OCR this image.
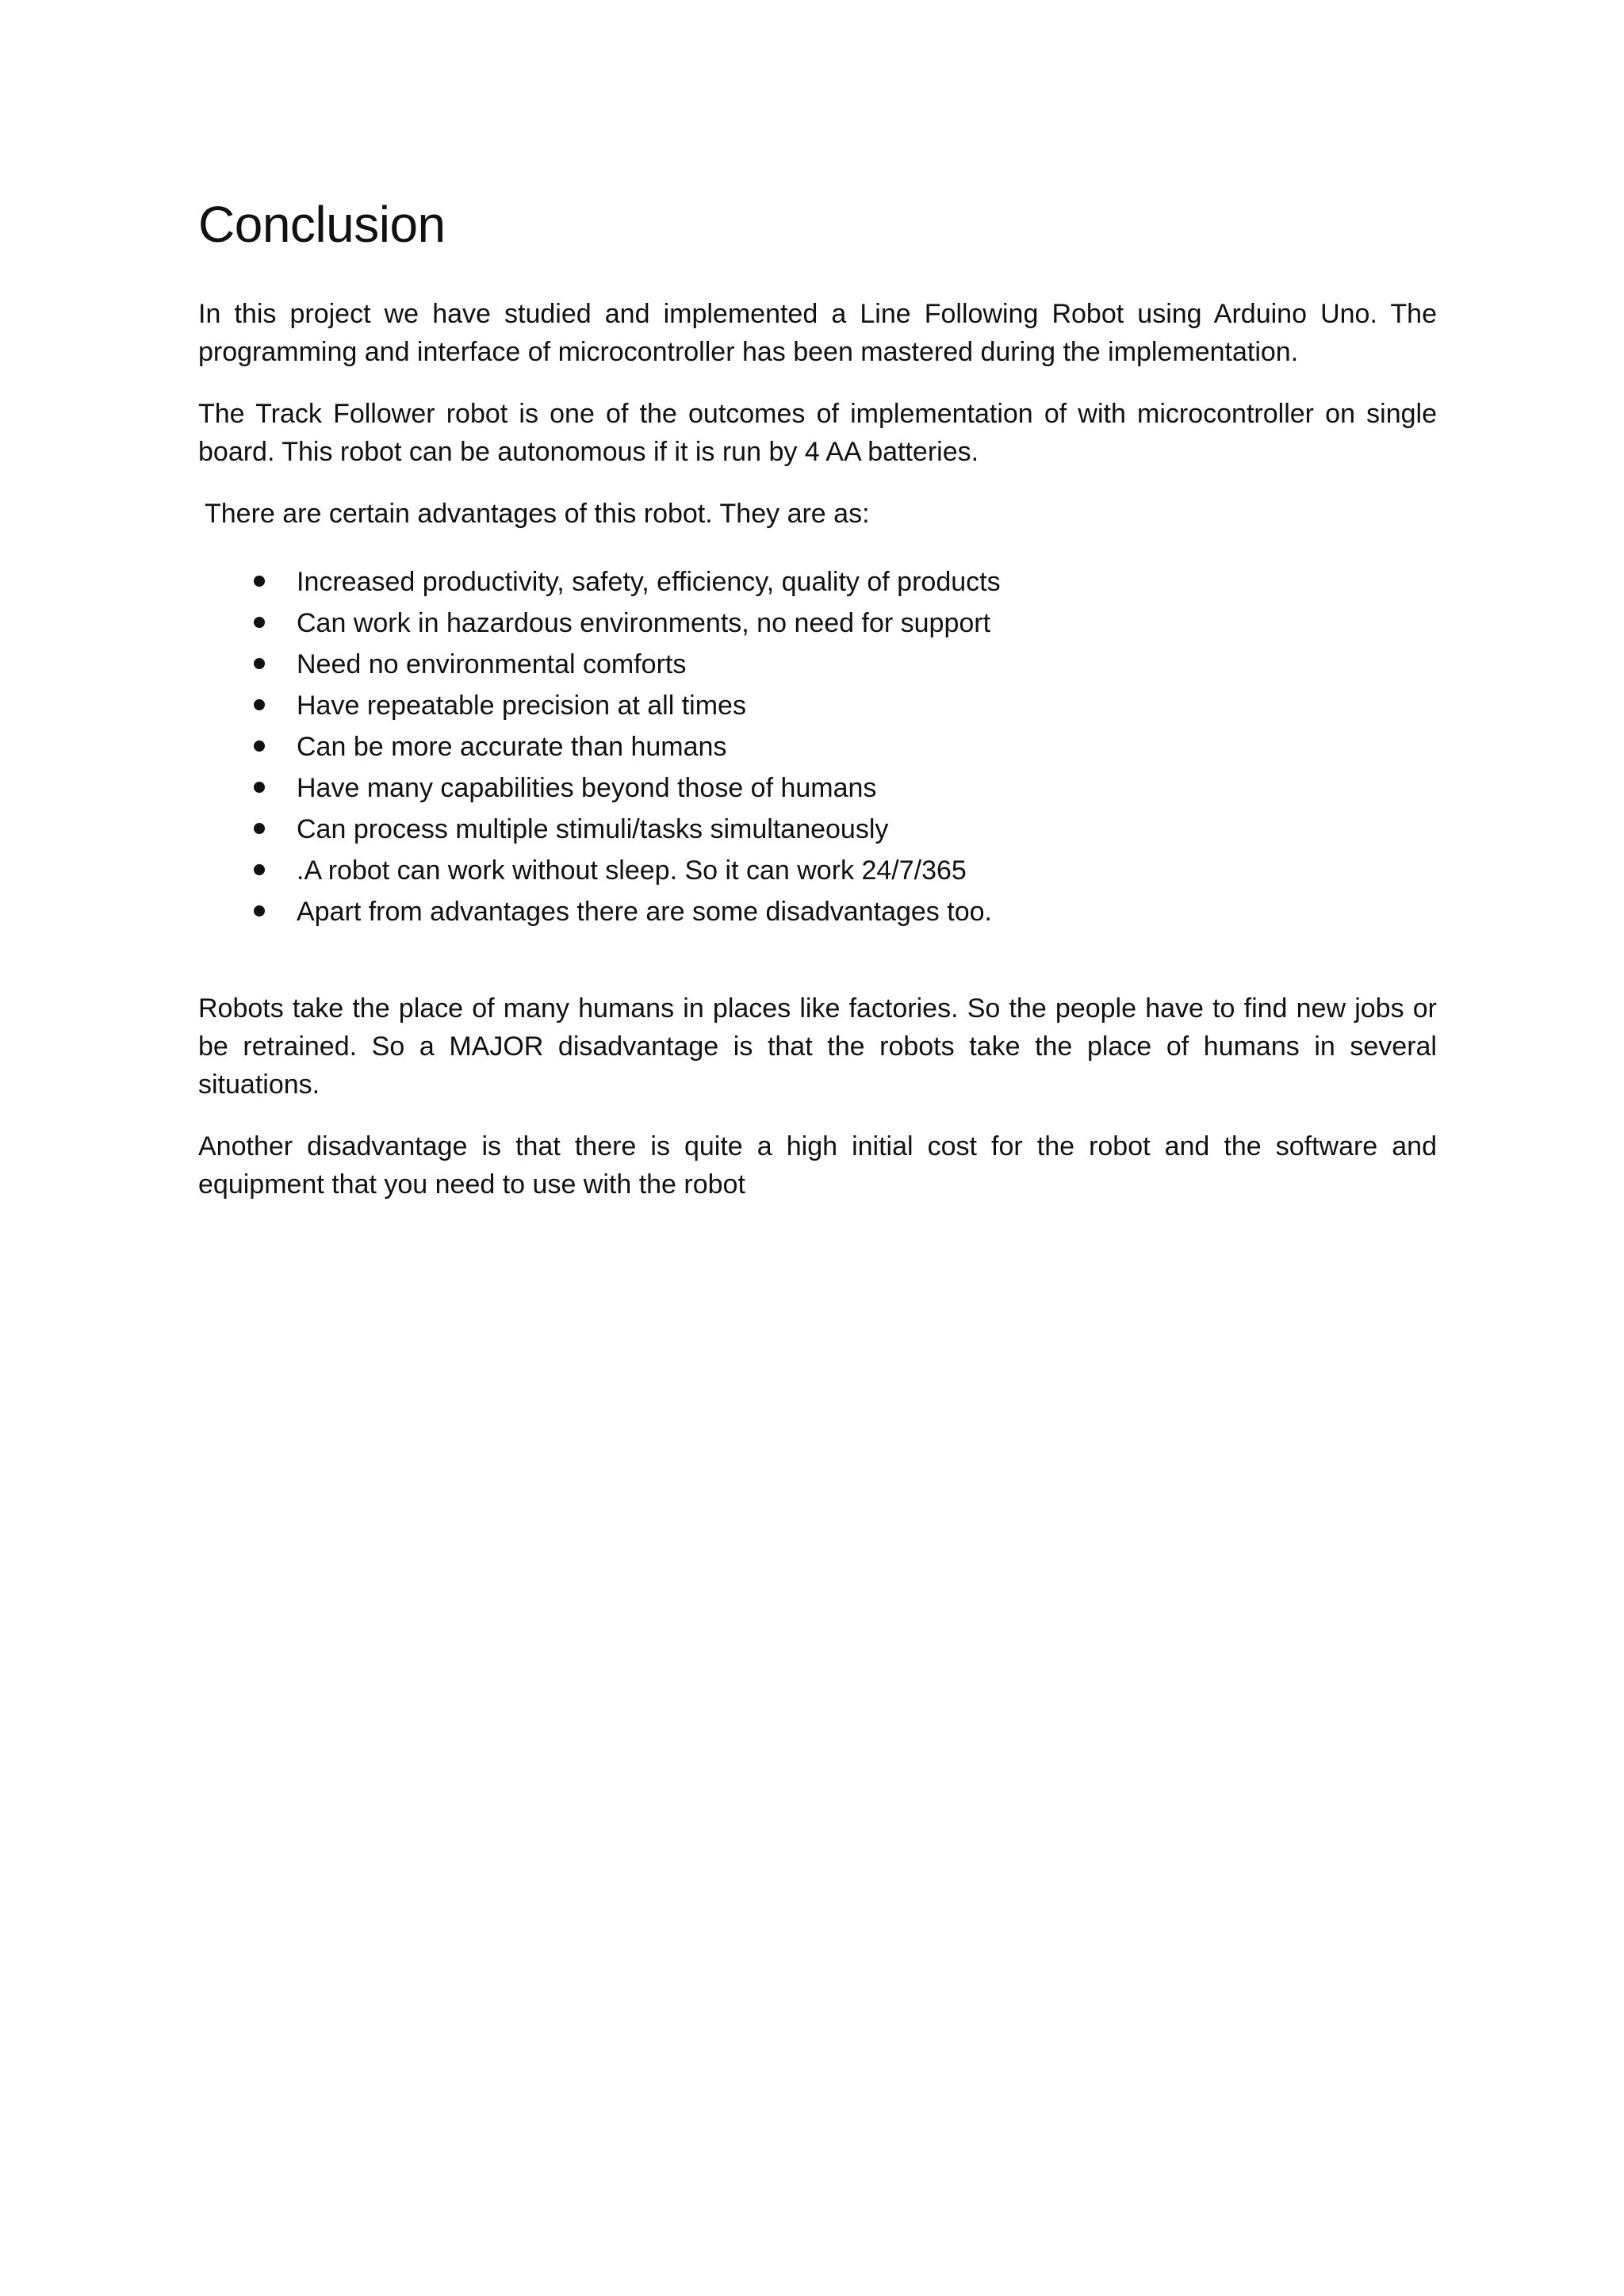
Conclusion

In this project we have studied and implemented a Line Following Robot using Arduino Uno. The programming and interface of microcontroller has been mastered during the implementation.

The Track Follower robot is one of the outcomes of implementation of with microcontroller on single board. This robot can be autonomous if it is run by 4 AA batteries.

There are certain advantages of this robot. They are as:

Increased productivity, safety, efficiency, quality of products
Can work in hazardous environments, no need for support
Need no environmental comforts
Have repeatable precision at all times
Can be more accurate than humans
Have many capabilities beyond those of humans
Can process multiple stimuli/tasks simultaneously
.A robot can work without sleep. So it can work 24/7/365
Apart from advantages there are some disadvantages too.

Robots take the place of many humans in places like factories. So the people have to find new jobs or be retrained. So a MAJOR disadvantage is that the robots take the place of humans in several situations.

Another disadvantage is that there is quite a high initial cost for the robot and the software and equipment that you need to use with the robot
